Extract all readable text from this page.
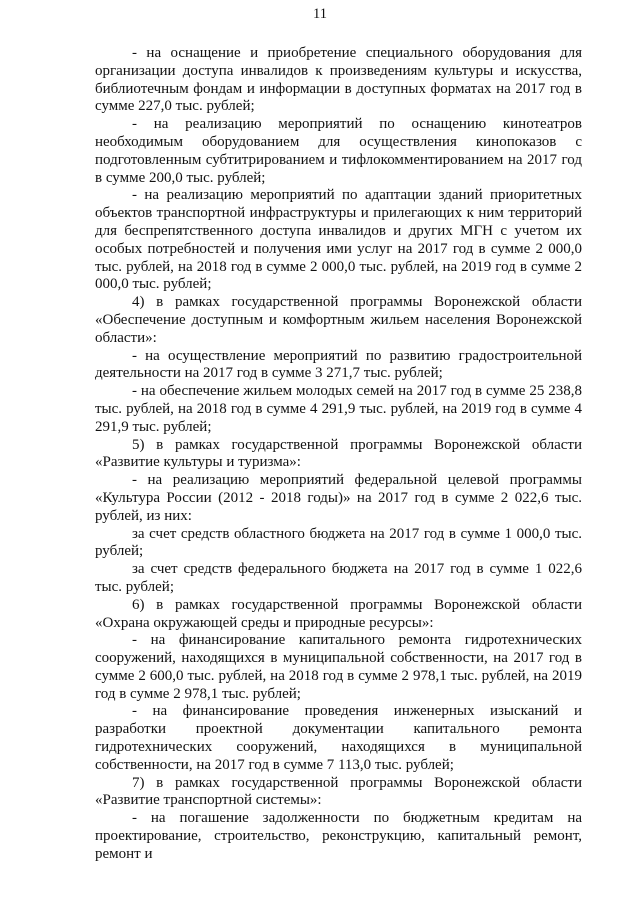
11

- на оснащение и приобретение специального оборудования для организации доступа инвалидов к произведениям культуры и искусства, библиотечным фондам и информации в доступных форматах на 2017 год в сумме 227,0 тыс. рублей;

- на реализацию мероприятий по оснащению кинотеатров необходимым оборудованием для осуществления кинопоказов с подготовленным субтитрированием и тифлокомментированием на 2017 год в сумме 200,0 тыс. рублей;

- на реализацию мероприятий по адаптации зданий приоритетных объектов транспортной инфраструктуры и прилегающих к ним территорий для беспрепятственного доступа инвалидов и других МГН с учетом их особых потребностей и получения ими услуг на 2017 год в сумме 2 000,0 тыс. рублей, на 2018 год в сумме 2 000,0 тыс. рублей, на 2019 год в сумме 2 000,0 тыс. рублей;

4) в рамках государственной программы Воронежской области «Обеспечение доступным и комфортным жильем населения Воронежской области»:

- на осуществление мероприятий по развитию градостроительной деятельности на 2017 год в сумме 3 271,7 тыс. рублей;

- на обеспечение жильем молодых семей на 2017 год в сумме 25 238,8 тыс. рублей, на 2018 год в сумме 4 291,9 тыс. рублей, на 2019 год в сумме 4 291,9 тыс. рублей;

5) в рамках государственной программы Воронежской области «Развитие культуры и туризма»:

- на реализацию мероприятий федеральной целевой программы «Культура России (2012 - 2018 годы)» на 2017 год в сумме 2 022,6 тыс. рублей, из них:

за счет средств областного бюджета на 2017 год в сумме 1 000,0 тыс. рублей;

за счет средств федерального бюджета на 2017 год в сумме 1 022,6 тыс. рублей;

6) в рамках государственной программы Воронежской области «Охрана окружающей среды и природные ресурсы»:

- на финансирование капитального ремонта гидротехнических сооружений, находящихся в муниципальной собственности, на 2017 год в сумме 2 600,0 тыс. рублей, на 2018 год в сумме 2 978,1 тыс. рублей, на 2019 год в сумме 2 978,1 тыс. рублей;

- на финансирование проведения инженерных изысканий и разработки проектной документации капитального ремонта гидротехнических сооружений, находящихся в муниципальной собственности, на 2017 год в сумме 7 113,0 тыс. рублей;

7) в рамках государственной программы Воронежской области «Развитие транспортной системы»:

- на погашение задолженности по бюджетным кредитам на проектирование, строительство, реконструкцию, капитальный ремонт, ремонт и
